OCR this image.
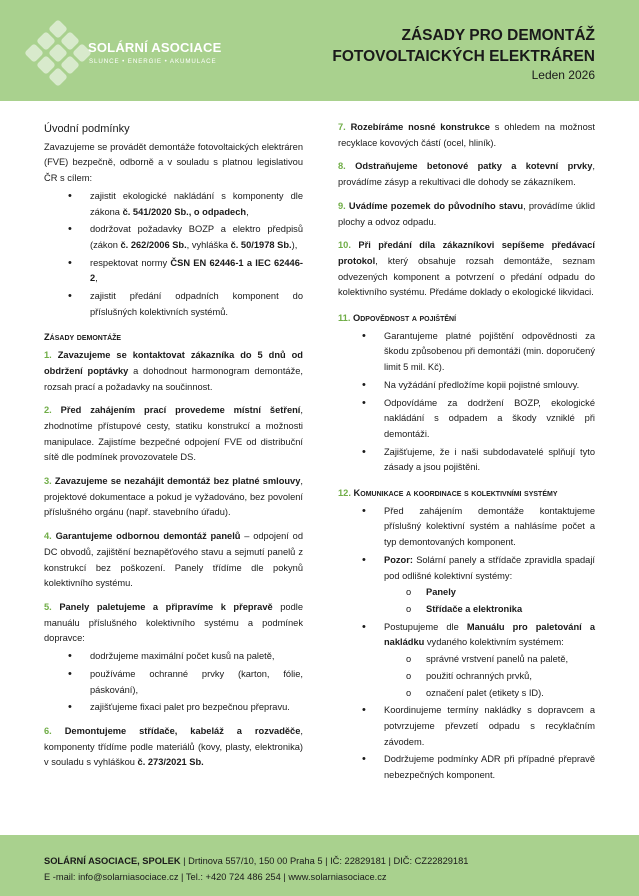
SOLÁRNÍ ASOCIACE
SLUNCE • ENERGIE • AKUMULACE
ZÁSADY PRO DEMONTÁŽ
FOTOVOLTAICKÝCH ELEKTRÁREN
Leden 2026
Úvodní podmínky

Zavazujeme se provádět demontáže fotovoltaických elektráren (FVE) bezpečně, odborně a v souladu s platnou legislativou ČR s cílem:

• zajistit ekologické nakládání s komponenty dle zákona č. 541/2020 Sb., o odpadech,
• dodržovat požadavky BOZP a elektro předpisů (zákon č. 262/2006 Sb., vyhláška č. 50/1978 Sb.),
• respektovat normy ČSN EN 62446-1 a IEC 62446-2,
• zajistit předání odpadních komponent do příslušných kolektivních systémů.
Zásady demontáže

1. Zavazujeme se kontaktovat zákazníka do 5 dnů od obdržení poptávky a dohodnout harmonogram demontáže, rozsah prací a požadavky na součinnost.

2. Před zahájením prací provedeme místní šetření, zhodnotíme přístupové cesty, statiku konstrukcí a možnosti manipulace. Zajistíme bezpečné odpojení FVE od distribuční sítě dle podmínek provozovatele DS.

3. Zavazujeme se nezahájit demontáž bez platné smlouvy, projektové dokumentace a pokud je vyžadováno, bez povolení příslušného orgánu (např. stavebního úřadu).

4. Garantujeme odbornou demontáž panelů – odpojení od DC obvodů, zajištění beznapěťového stavu a sejmutí panelů z konstrukcí bez poškození. Panely třídíme dle pokynů kolektivního systému.

5. Panely paletujeme a připravíme k přepravě podle manuálu příslušného kolektivního systému a podmínek dopravce:

• dodržujeme maximální počet kusů na paletě,
• používáme ochranné prvky (karton, fólie, páskování),
• zajišťujeme fixaci palet pro bezpečnou přepravu.

6. Demontujeme střídače, kabeláž a rozvaděče, komponenty třídíme podle materiálů (kovy, plasty, elektronika) v souladu s vyhláškou č. 273/2021 Sb.

7. Rozebíráme nosné konstrukce s ohledem na možnost recyklace kovových částí (ocel, hliník).

8. Odstraňujeme betonové patky a kotevní prvky, provádíme zásyp a rekultivaci dle dohody se zákazníkem.

9. Uvádíme pozemek do původního stavu, provádíme úklid plochy a odvoz odpadu.

10. Při předání díla zákazníkovi sepíšeme předávací protokol, který obsahuje rozsah demontáže, seznam odvezených komponent a potvrzení o předání odpadu do kolektivního systému. Předáme doklady o ekologické likvidaci.

11. Odpovědnost a pojištění
• Garantujeme platné pojištění odpovědnosti za škodu způsobenou při demontáži (min. doporučený limit 5 mil. Kč).
• Na vyžádání předložíme kopii pojistné smlouvy.
• Odpovídáme za dodržení BOZP, ekologické nakládání s odpadem a škody vzniklé při demontáži.
• Zajišťujeme, že i naši subdodavatelé splňují tyto zásady a jsou pojištěni.
12. Komunikace a koordinace s kolektivními systémy
• Před zahájením demontáže kontaktujeme příslušný kolektivní systém a nahlásíme počet a typ demontovaných komponent.
• Pozor: Solární panely a střídače zpravidla spadají pod odlišné kolektivní systémy:
o Panely
o Střídače a elektronika
• Postupujeme dle Manuálu pro paletování a nakládku vydaného kolektivním systémem:
o správné vrstvení panelů na paletě,
o použití ochranných prvků,
o označení palet (etikety s ID).
• Koordinujeme termíny nakládky s dopravcem a potvrzujeme převzetí odpadu s recyklačním závodem.
• Dodržujeme podmínky ADR při případné přepravě nebezpečných komponent.
SOLÁRNÍ ASOCIACE, SPOLEK | Drtinova 557/10, 150 00 Praha 5 | IČ: 22829181 | DIČ: CZ22829181
E -mail: info@solarniasociace.cz | Tel.: +420 724 486 254 | www.solarniasociace.cz
